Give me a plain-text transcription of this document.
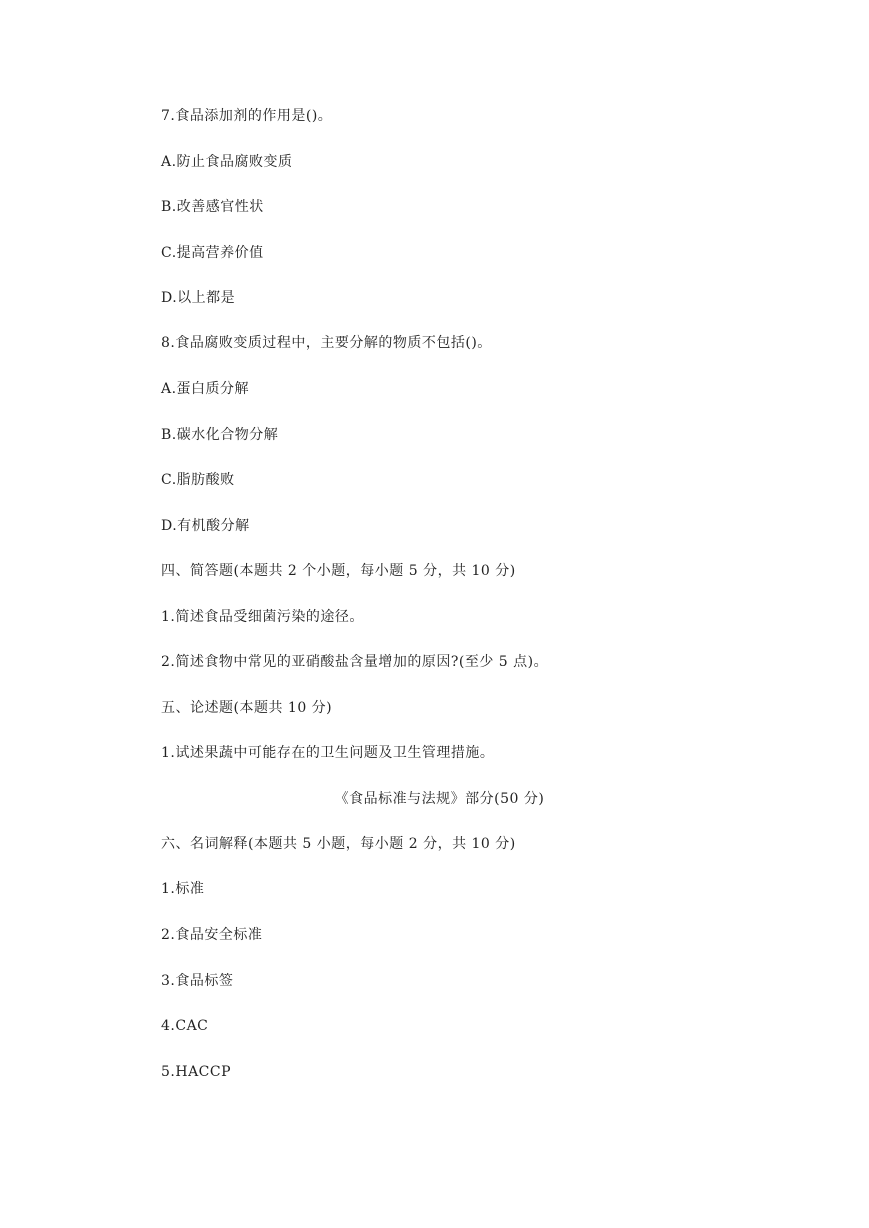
7.食品添加剂的作用是()。
A.防止食品腐败变质
B.改善感官性状
C.提高营养价值
D.以上都是
8.食品腐败变质过程中，主要分解的物质不包括()。
A.蛋白质分解
B.碳水化合物分解
C.脂肪酸败
D.有机酸分解
四、简答题(本题共 2 个小题，每小题 5 分，共 10 分)
1.简述食品受细菌污染的途径。
2.简述食物中常见的亚硝酸盐含量增加的原因?(至少 5 点)。
五、论述题(本题共 10 分)
1.试述果蔬中可能存在的卫生问题及卫生管理措施。
《食品标准与法规》部分(50 分)
六、名词解释(本题共 5 小题，每小题 2 分，共 10 分)
1.标准
2.食品安全标准
3.食品标签
4.CAC
5.HACCP
